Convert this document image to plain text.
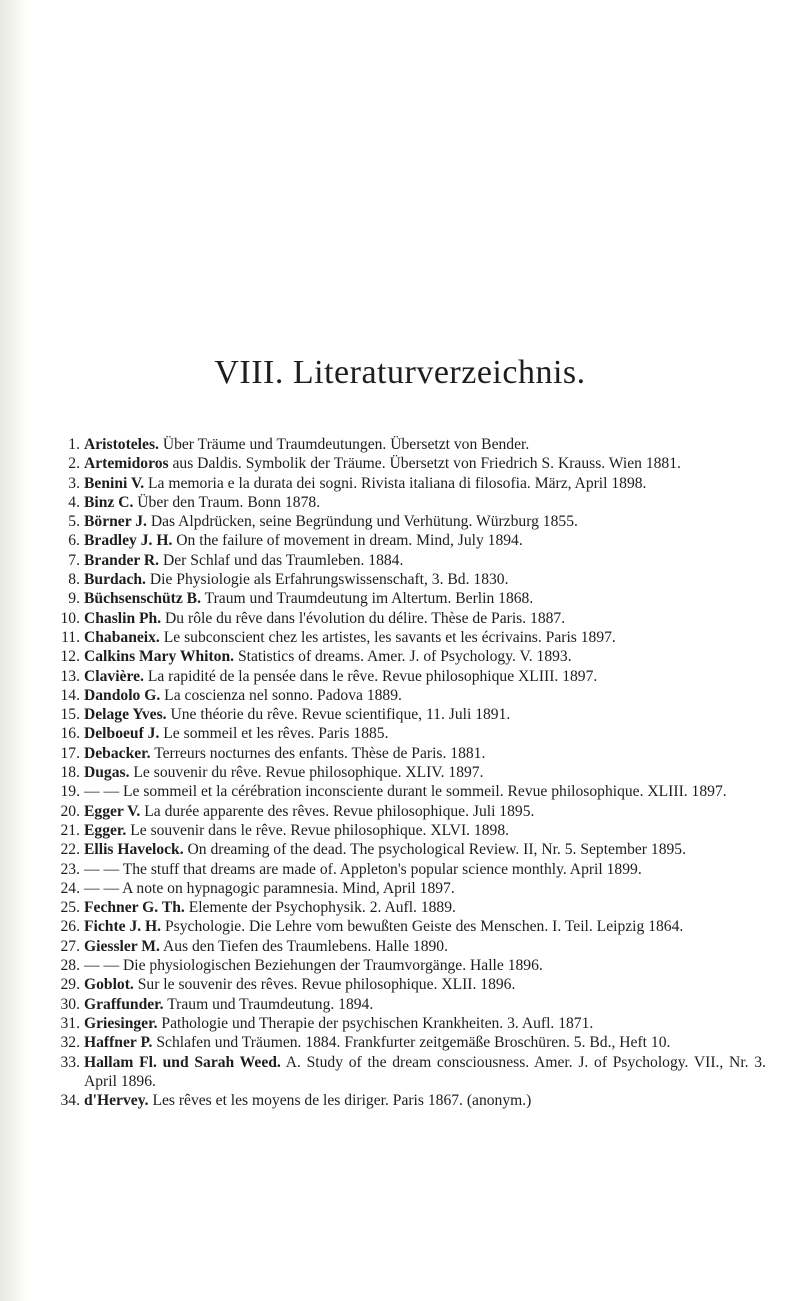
VIII. Literaturverzeichnis.
1. Aristoteles. Über Träume und Traumdeutungen. Übersetzt von Bender.
2. Artemidoros aus Daldis. Symbolik der Träume. Übersetzt von Friedrich S. Krauss. Wien 1881.
3. Benini V. La memoria e la durata dei sogni. Rivista italiana di filosofia. März, April 1898.
4. Binz C. Über den Traum. Bonn 1878.
5. Börner J. Das Alpdrücken, seine Begründung und Verhütung. Würzburg 1855.
6. Bradley J. H. On the failure of movement in dream. Mind, July 1894.
7. Brander R. Der Schlaf und das Traumleben. 1884.
8. Burdach. Die Physiologie als Erfahrungswissenschaft, 3. Bd. 1830.
9. Büchsenschütz B. Traum und Traumdeutung im Altertum. Berlin 1868.
10. Chaslin Ph. Du rôle du rêve dans l'évolution du délire. Thèse de Paris. 1887.
11. Chabaneix. Le subconscient chez les artistes, les savants et les écrivains. Paris 1897.
12. Calkins Mary Whiton. Statistics of dreams. Amer. J. of Psychology. V. 1893.
13. Clavière. La rapidité de la pensée dans le rêve. Revue philosophique XLIII. 1897.
14. Dandolo G. La coscienza nel sonno. Padova 1889.
15. Delage Yves. Une théorie du rêve. Revue scientifique, 11. Juli 1891.
16. Delboeuf J. Le sommeil et les rêves. Paris 1885.
17. Debacker. Terreurs nocturnes des enfants. Thèse de Paris. 1881.
18. Dugas. Le souvenir du rêve. Revue philosophique. XLIV. 1897.
19. — — Le sommeil et la cérébration inconsciente durant le sommeil. Revue philosophique. XLIII. 1897.
20. Egger V. La durée apparente des rêves. Revue philosophique. Juli 1895.
21. Egger. Le souvenir dans le rêve. Revue philosophique. XLVI. 1898.
22. Ellis Havelock. On dreaming of the dead. The psychological Review. II, Nr. 5. September 1895.
23. — — The stuff that dreams are made of. Appleton's popular science monthly. April 1899.
24. — — A note on hypnagogic paramnesia. Mind, April 1897.
25. Fechner G. Th. Elemente der Psychophysik. 2. Aufl. 1889.
26. Fichte J. H. Psychologie. Die Lehre vom bewußten Geiste des Menschen. I. Teil. Leipzig 1864.
27. Giessler M. Aus den Tiefen des Traumlebens. Halle 1890.
28. — — Die physiologischen Beziehungen der Traumvorgänge. Halle 1896.
29. Goblot. Sur le souvenir des rêves. Revue philosophique. XLII. 1896.
30. Graffunder. Traum und Traumdeutung. 1894.
31. Griesinger. Pathologie und Therapie der psychischen Krankheiten. 3. Aufl. 1871.
32. Haffner P. Schlafen und Träumen. 1884. Frankfurter zeitgemäße Broschüren. 5. Bd., Heft 10.
33. Hallam Fl. und Sarah Weed. A. Study of the dream consciousness. Amer. J. of Psychology. VII., Nr. 3. April 1896.
34. d'Hervey. Les rêves et les moyens de les diriger. Paris 1867. (anonym.)
